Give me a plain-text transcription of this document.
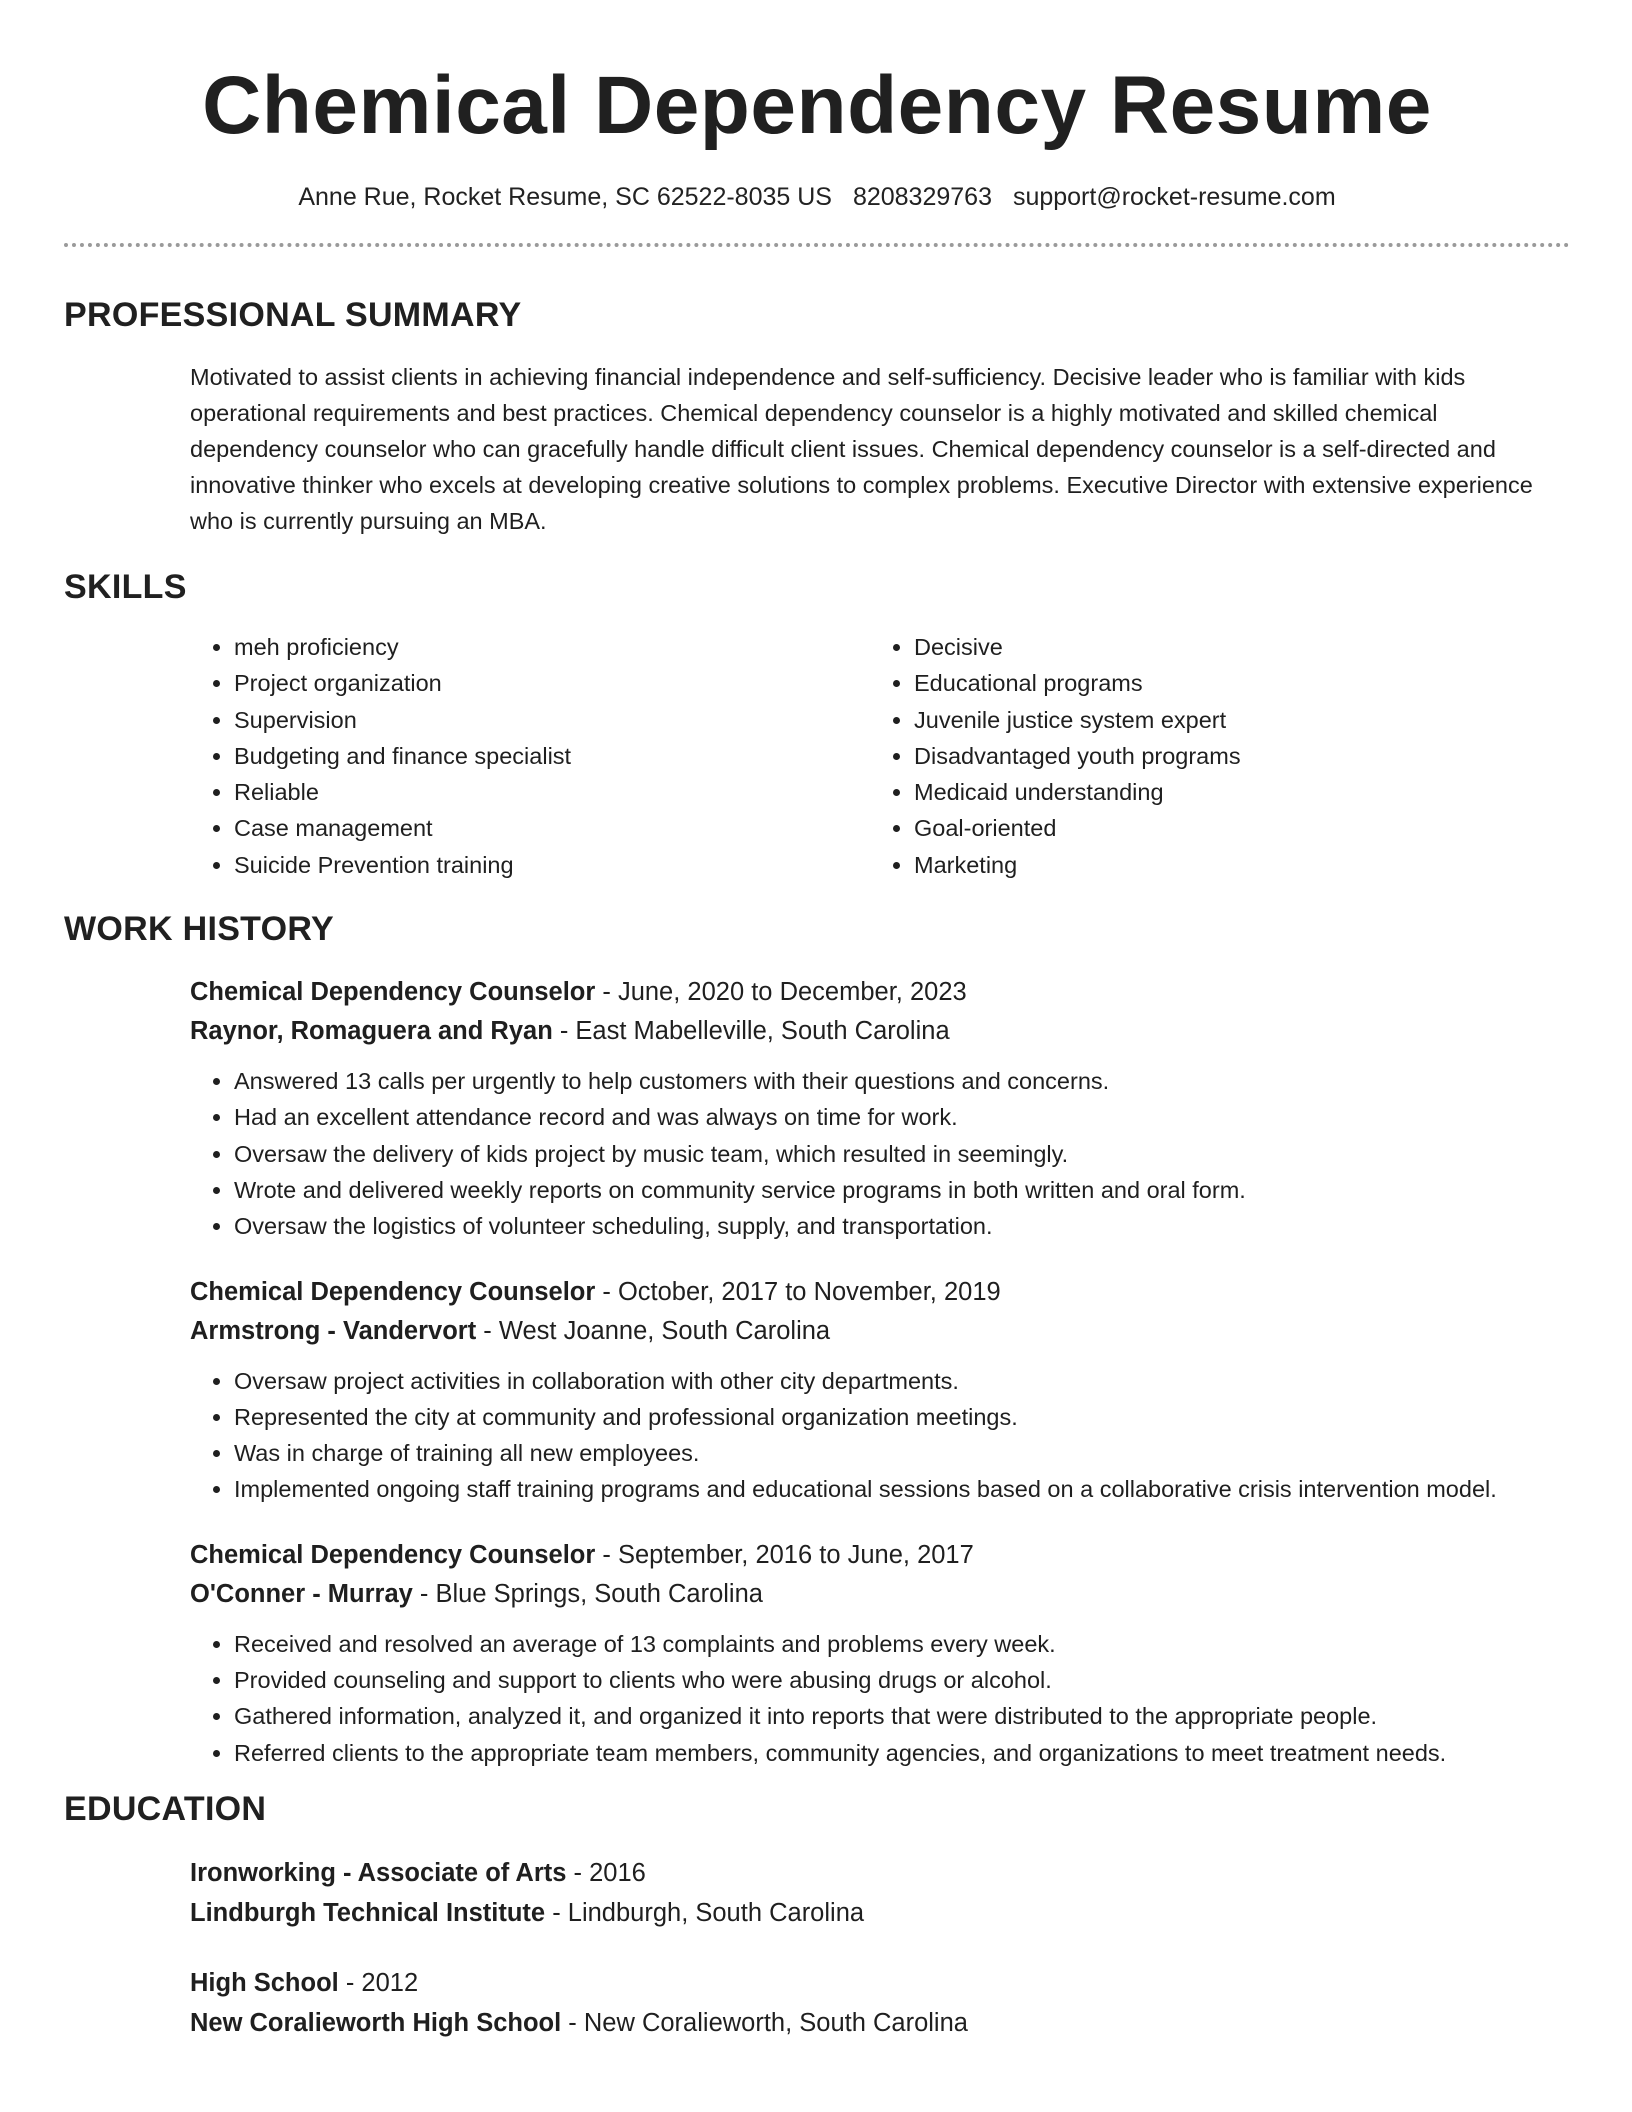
Chemical Dependency Resume
Anne Rue, Rocket Resume, SC 62522-8035 US 8208329763 support@rocket-resume.com
PROFESSIONAL SUMMARY

Motivated to assist clients in achieving financial independence and self-sufficiency. Decisive leader who is familiar with kids operational requirements and best practices. Chemical dependency counselor is a highly motivated and skilled chemical dependency counselor who can gracefully handle difficult client issues. Chemical dependency counselor is a self-directed and innovative thinker who excels at developing creative solutions to complex problems. Executive Director with extensive experience who is currently pursuing an MBA.

SKILLS
• meh proficiency
• Project organization
• Supervision
• Budgeting and finance specialist
• Reliable
• Case management
• Suicide Prevention training
• Decisive
• Educational programs
• Juvenile justice system expert
• Disadvantaged youth programs
• Medicaid understanding
• Goal-oriented
• Marketing
WORK HISTORY
Chemical Dependency Counselor - June, 2020 to December, 2023
Raynor, Romaguera and Ryan - East Mabelleville, South Carolina
• Answered 13 calls per urgently to help customers with their questions and concerns.
• Had an excellent attendance record and was always on time for work.
• Oversaw the delivery of kids project by music team, which resulted in seemingly.
• Wrote and delivered weekly reports on community service programs in both written and oral form.
• Oversaw the logistics of volunteer scheduling, supply, and transportation.
Chemical Dependency Counselor - October, 2017 to November, 2019
Armstrong - Vandervort - West Joanne, South Carolina
• Oversaw project activities in collaboration with other city departments.
• Represented the city at community and professional organization meetings.
• Was in charge of training all new employees.
• Implemented ongoing staff training programs and educational sessions based on a collaborative crisis intervention model.
Chemical Dependency Counselor - September, 2016 to June, 2017
O'Conner - Murray - Blue Springs, South Carolina
• Received and resolved an average of 13 complaints and problems every week.
• Provided counseling and support to clients who were abusing drugs or alcohol.
• Gathered information, analyzed it, and organized it into reports that were distributed to the appropriate people.
• Referred clients to the appropriate team members, community agencies, and organizations to meet treatment needs.
EDUCATION
Ironworking - Associate of Arts - 2016
Lindburgh Technical Institute - Lindburgh, South Carolina
High School - 2012
New Coralieworth High School - New Coralieworth, South Carolina
